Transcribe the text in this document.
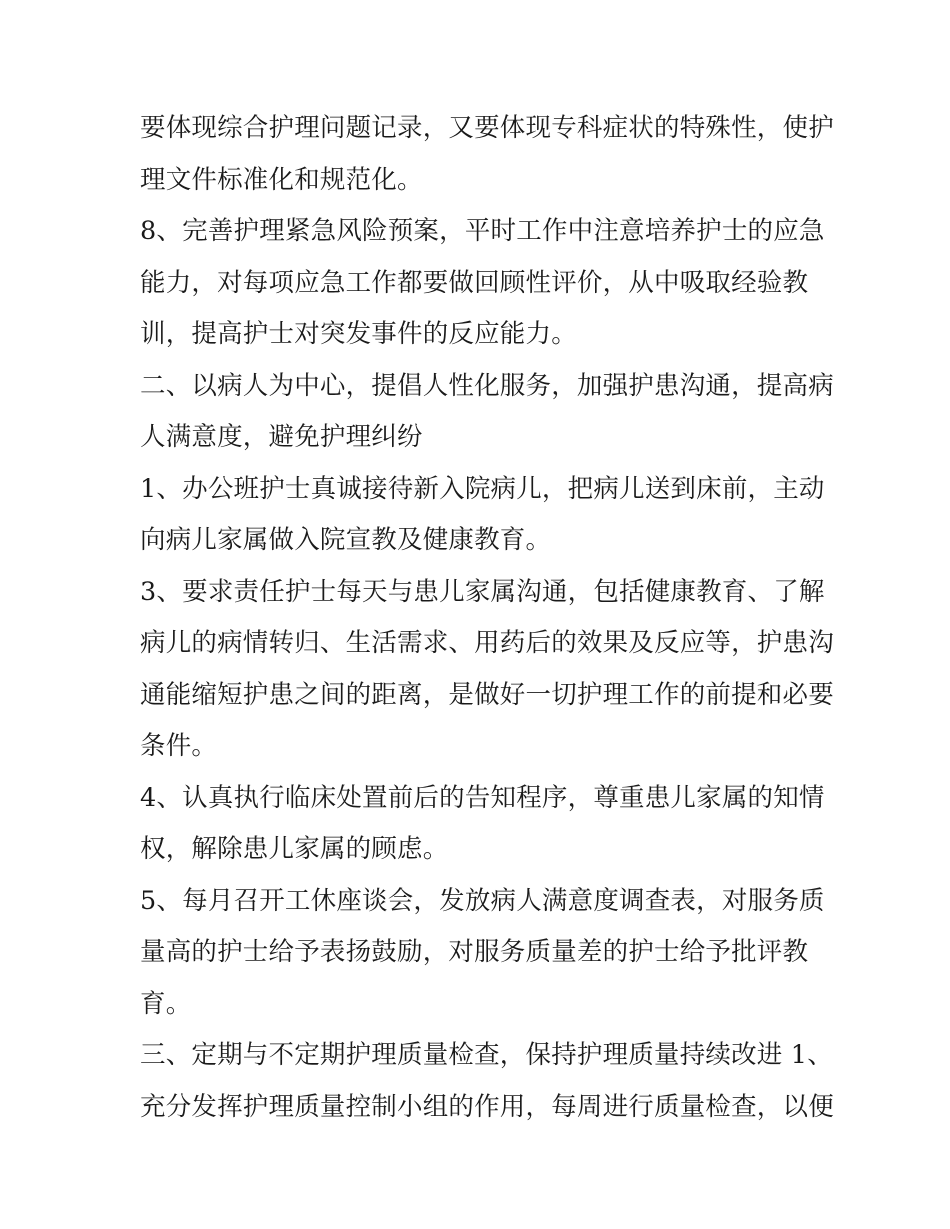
要体现综合护理问题记录，又要体现专科症状的特殊性，使护
理文件标准化和规范化。
8、完善护理紧急风险预案，平时工作中注意培养护士的应急
能力，对每项应急工作都要做回顾性评价，从中吸取经验教
训，提高护士对突发事件的反应能力。
二、以病人为中心，提倡人性化服务，加强护患沟通，提高病
人满意度，避免护理纠纷
1、办公班护士真诚接待新入院病儿，把病儿送到床前，主动
向病儿家属做入院宣教及健康教育。
3、要求责任护士每天与患儿家属沟通，包括健康教育、了解
病儿的病情转归、生活需求、用药后的效果及反应等，护患沟
通能缩短护患之间的距离，是做好一切护理工作的前提和必要
条件。
4、认真执行临床处置前后的告知程序，尊重患儿家属的知情
权，解除患儿家属的顾虑。
5、每月召开工休座谈会，发放病人满意度调查表，对服务质
量高的护士给予表扬鼓励，对服务质量差的护士给予批评教
育。
三、定期与不定期护理质量检查，保持护理质量持续改进 1、
充分发挥护理质量控制小组的作用，每周进行质量检查，以便
